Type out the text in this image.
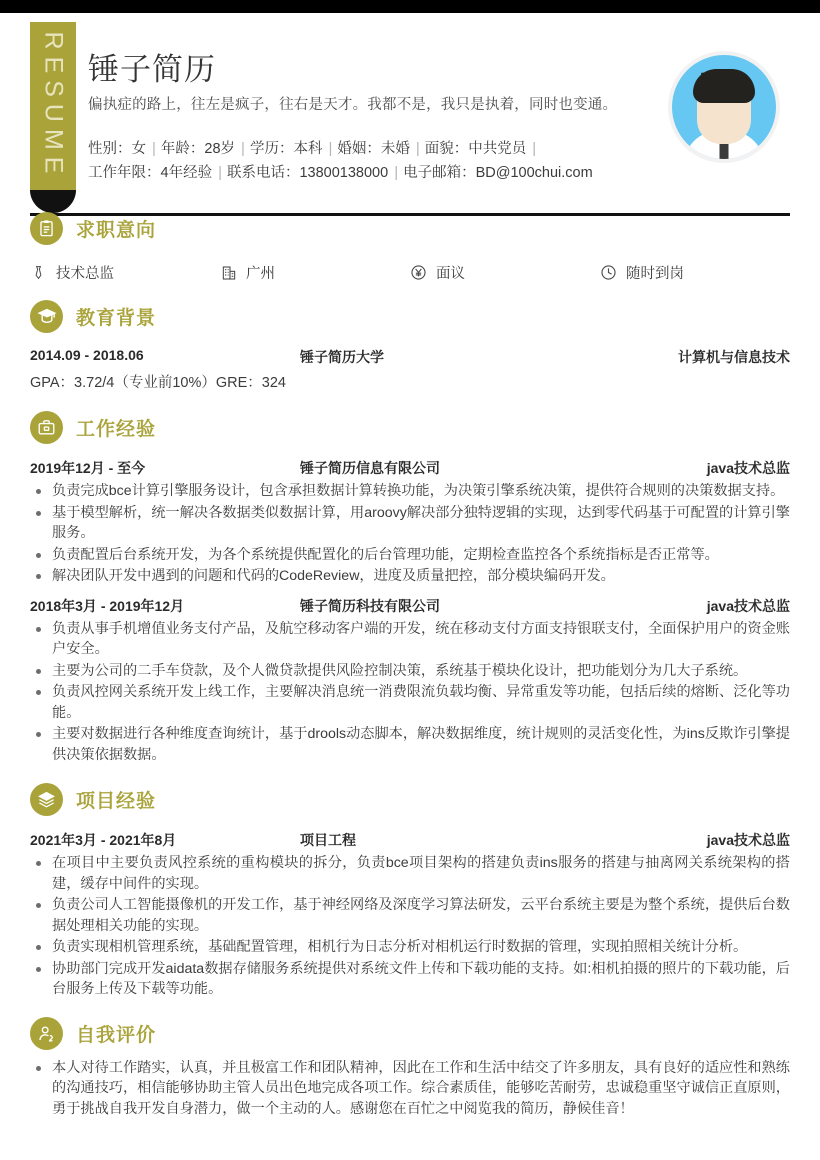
RESUME 锤子简历
偏执症的路上，往左是疯子，往右是天才。我都不是，我只是执着，同时也变通。
性别：女 | 年龄：28岁 | 学历：本科 | 婚姻：未婚 | 面貌：中共党员 |
工作年限：4年经验 | 联系电话：13800138000 | 电子邮箱：BD@100chui.com
求职意向
技术总监	广州	面议	随时到岗
教育背景
2014.09 - 2018.06	锤子简历大学	计算机与信息技术
GPA：3.72/4（专业前10%）GRE：324
工作经验
2019年12月 - 至今	锤子简历信息有限公司	java技术总监
负责完成bce计算引擎服务设计，包含承担数据计算转换功能，为决策引擎系统决策，提供符合规则的决策数据支持。
基于模型解析，统一解决各数据类似数据计算，用aroovy解决部分独特逻辑的实现，达到零代码基于可配置的计算引擎服务。
负责配置后台系统开发，为各个系统提供配置化的后台管理功能，定期检查监控各个系统指标是否正常等。
解决团队开发中遇到的问题和代码的CodeReview，进度及质量把控，部分模块编码开发。
2018年3月 - 2019年12月	锤子简历科技有限公司	java技术总监
负责从事手机增值业务支付产品，及航空移动客户端的开发，统在移动支付方面支持银联支付，全面保护用户的资金账户安全。
主要为公司的二手车贷款，及个人微贷款提供风险控制决策，系统基于模块化设计，把功能划分为几大子系统。
负责风控网关系统开发上线工作，主要解决消息统一消费限流负载均衡、异常重发等功能，包括后续的熔断、泛化等功能。
主要对数据进行各种维度查询统计，基于drools动态脚本，解决数据维度，统计规则的灵活变化性，为ins反欺诈引擎提供决策依据数据。
项目经验
2021年3月 - 2021年8月	项目工程	java技术总监
在项目中主要负责风控系统的重构模块的拆分，负责bce项目架构的搭建负责ins服务的搭建与抽离网关系统架构的搭建，缓存中间件的实现。
负责公司人工智能摄像机的开发工作，基于神经网络及深度学习算法研发，云平台系统主要是为整个系统，提供后台数据处理相关功能的实现。
负责实现相机管理系统，基础配置管理，相机行为日志分析对相机运行时数据的管理，实现拍照相关统计分析。
协助部门完成开发aidata数据存储服务系统提供对系统文件上传和下载功能的支持。如:相机拍摄的照片的下载功能，后台服务上传及下载等功能。
自我评价
本人对待工作踏实，认真，并且极富工作和团队精神，因此在工作和生活中结交了许多朋友，具有良好的适应性和熟练的沟通技巧，相信能够协助主管人员出色地完成各项工作。综合素质佳，能够吃苦耐劳，忠诚稳重坚守诚信正直原则，勇于挑战自我开发自身潜力，做一个主动的人。感谢您在百忙之中阅览我的简历，静候佳音！
